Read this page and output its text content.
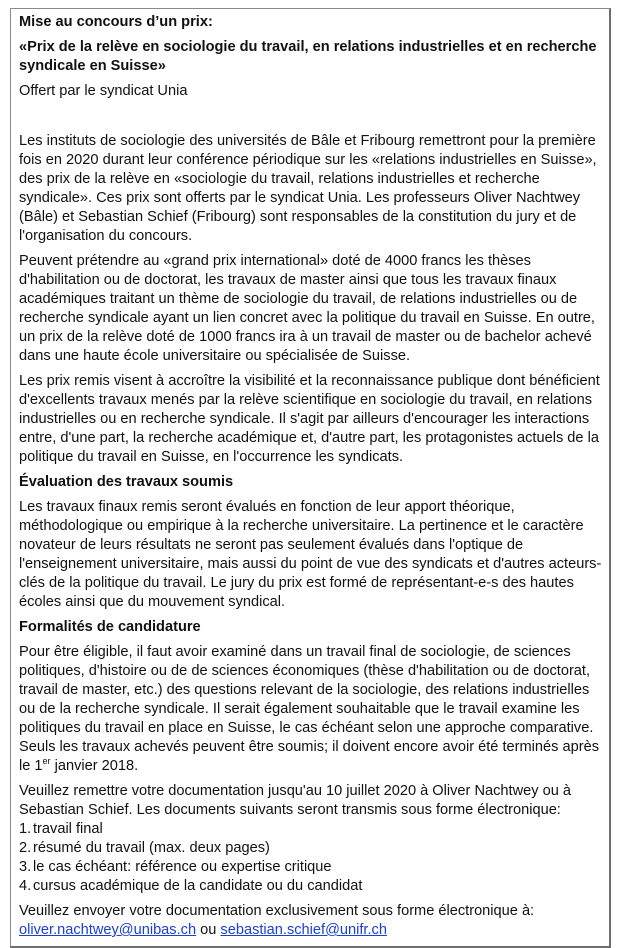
Mise au concours d’un prix:

«Prix de la relève en sociologie du travail, en relations industrielles et en recherche syndicale en Suisse»

Offert par le syndicat Unia

Les instituts de sociologie des universités de Bâle et Fribourg remettront pour la première fois en 2020 durant leur conférence périodique sur les «relations industrielles en Suisse», des prix de la relève en «sociologie du travail, relations industrielles et recherche syndicale». Ces prix sont offerts par le syndicat Unia. Les professeurs Oliver Nachtwey (Bâle) et Sebastian Schief (Fribourg) sont responsables de la constitution du jury et de l'organisation du concours.

Peuvent prétendre au «grand prix international» doté de 4000 francs les thèses d'habilitation ou de doctorat, les travaux de master ainsi que tous les travaux finaux académiques traitant un thème de sociologie du travail, de relations industrielles ou de recherche syndicale ayant un lien concret avec la politique du travail en Suisse. En outre, un prix de la relève doté de 1000 francs ira à un travail de master ou de bachelor achevé dans une haute école universitaire ou spécialisée de Suisse.

Les prix remis visent à accroître la visibilité et la reconnaissance publique dont bénéficient d'excellents travaux menés par la relève scientifique en sociologie du travail, en relations industrielles ou en recherche syndicale. Il s'agit par ailleurs d'encourager les interactions entre, d'une part, la recherche académique et, d'autre part, les protagonistes actuels de la politique du travail en Suisse, en l'occurrence les syndicats.

Évaluation des travaux soumis

Les travaux finaux remis seront évalués en fonction de leur apport théorique, méthodologique ou empirique à la recherche universitaire. La pertinence et le caractère novateur de leurs résultats ne seront pas seulement évalués dans l'optique de l'enseignement universitaire, mais aussi du point de vue des syndicats et d'autres acteurs-clés de la politique du travail. Le jury du prix est formé de représentant-e-s des hautes écoles ainsi que du mouvement syndical.

Formalités de candidature

Pour être éligible, il faut avoir examiné dans un travail final de sociologie, de sciences politiques, d'histoire ou de de sciences économiques (thèse d'habilitation ou de doctorat, travail de master, etc.) des questions relevant de la sociologie, des relations industrielles ou de la recherche syndicale. Il serait également souhaitable que le travail examine les politiques du travail en place en Suisse, le cas échéant selon une approche comparative. Seuls les travaux achevés peuvent être soumis; il doivent encore avoir été terminés après le 1er janvier 2018.

Veuillez remettre votre documentation jusqu'au 10 juillet 2020 à Oliver Nachtwey ou à Sebastian Schief. Les documents suivants seront transmis sous forme électronique:
1. travail final
2. résumé du travail (max. deux pages)
3. le cas échéant: référence ou expertise critique
4. cursus académique de la candidate ou du candidat

Veuillez envoyer votre documentation exclusivement sous forme électronique à:
oliver.nachtwey@unibas.ch ou sebastian.schief@unifr.ch
